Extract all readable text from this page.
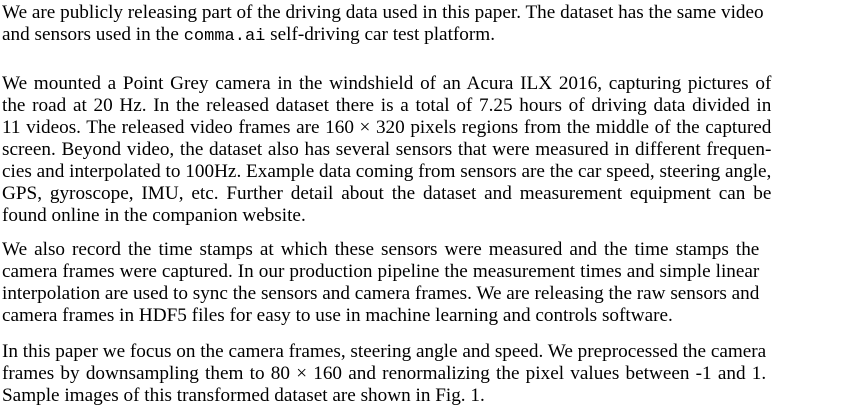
We are publicly releasing part of the driving data used in this paper. The dataset has the same video
and sensors used in the comma.ai self-driving car test platform.

We mounted a Point Grey camera in the windshield of an Acura ILX 2016, capturing pictures of
the road at 20 Hz. In the released dataset there is a total of 7.25 hours of driving data divided in
11 videos. The released video frames are 160 × 320 pixels regions from the middle of the captured
screen. Beyond video, the dataset also has several sensors that were measured in different frequen-
cies and interpolated to 100Hz. Example data coming from sensors are the car speed, steering angle,
GPS, gyroscope, IMU, etc. Further detail about the dataset and measurement equipment can be
found online in the companion website.

We also record the time stamps at which these sensors were measured and the time stamps the
camera frames were captured. In our production pipeline the measurement times and simple linear
interpolation are used to sync the sensors and camera frames. We are releasing the raw sensors and
camera frames in HDF5 files for easy to use in machine learning and controls software.

In this paper we focus on the camera frames, steering angle and speed. We preprocessed the camera
frames by downsampling them to 80 × 160 and renormalizing the pixel values between -1 and 1.
Sample images of this transformed dataset are shown in Fig. 1.
